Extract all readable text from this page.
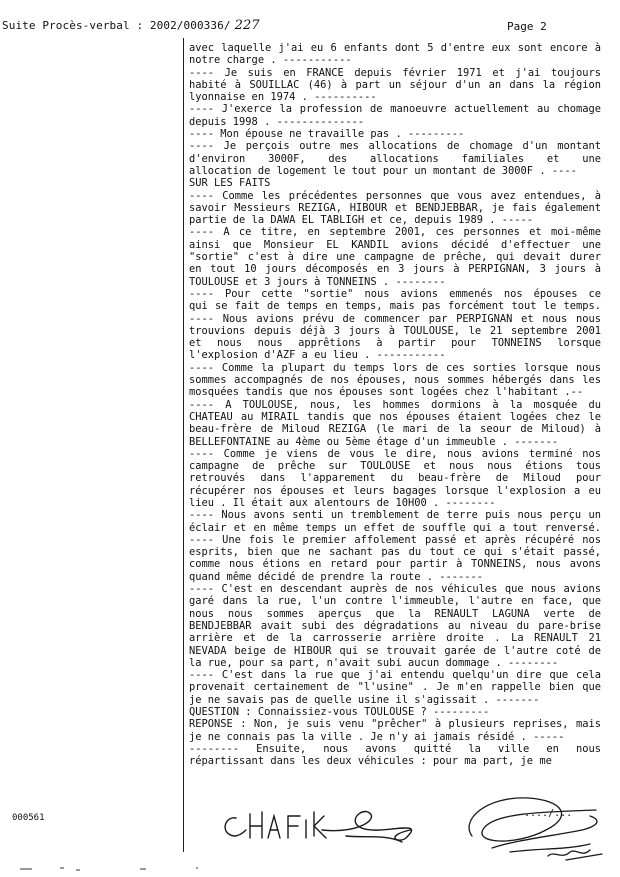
Suite Procès-verbal : 2002/000336/ 227	Page 2
avec laquelle j'ai eu 6 enfants dont 5 d'entre eux sont encore à
notre charge . -----------
---- Je suis en FRANCE depuis février 1971 et j'ai toujours
habité à SOUILLAC (46) à part un séjour d'un an dans la région
lyonnaise en 1974 . ----------
---- J'exerce la profession de manoeuvre actuellement au chomage
depuis 1998 . --------------
---- Mon épouse ne travaille pas . ---------
---- Je perçois outre mes allocations de chomage d'un montant
d'environ 3000F, des allocations familiales et une
allocation de logement le tout pour un montant de 3000F . ----
SUR LES FAITS
---- Comme les précédentes personnes que vous avez entendues, à
savoir Messieurs REZIGA, HIBOUR et BENDJEBBAR, je fais également
partie de la DAWA EL TABLIGH et ce, depuis 1989 . -----
---- A ce titre, en septembre 2001, ces personnes et moi-même
ainsi que Monsieur EL KANDIL avions décidé d'effectuer une
"sortie" c'est à dire une campagne de prêche, qui devait durer
en tout 10 jours décomposés en 3 jours à PERPIGNAN, 3 jours à
TOULOUSE et 3 jours à TONNEINS . --------
---- Pour cette "sortie" nous avions emmenés nos épouses ce
qui se fait de temps en temps, mais pas forcément tout le temps.
---- Nous avions prévu de commencer par PERPIGNAN et nous nous
trouvions depuis déjà 3 jours à TOULOUSE, le 21 septembre 2001
et nous nous apprêtions à partir pour TONNEINS lorsque
l'explosion d'AZF a eu lieu . -----------
---- Comme la plupart du temps lors de ces sorties lorsque nous
sommes accompagnés de nos épouses, nous sommes hébergés dans les
mosquées tandis que nos épouses sont logées chez l'habitant .--
---- A TOULOUSE, nous, les hommes dormions à la mosquée du
CHATEAU au MIRAIL tandis que nos épouses étaient logées chez le
beau-frère de Miloud REZIGA (le mari de la seour de Miloud) à
BELLEFONTAINE au 4ème ou 5ème étage d'un immeuble . -------
---- Comme je viens de vous le dire, nous avions terminé nos
campagne de prêche sur TOULOUSE et nous nous étions tous
retrouvés dans l'apparement du beau-frère de Miloud pour
récupérer nos épouses et leurs bagages lorsque l'explosion a eu
lieu . Il était aux alentours de 10H00 . --------
---- Nous avons senti un tremblement de terre puis nous perçu un
éclair et en même temps un effet de souffle qui a tout renversé.
---- Une fois le premier affolement passé et après récupéré nos
esprits, bien que ne sachant pas du tout ce qui s'était passé,
comme nous étions en retard pour partir à TONNEINS, nous avons
quand même décidé de prendre la route . -------
---- C'est en descendant auprès de nos véhicules que nous avions
garé dans la rue, l'un contre l'immeuble, l'autre en face, que
nous nous sommes aperçus que la RENAULT LAGUNA verte de
BENDJEBBAR avait subi des dégradations au niveau du pare-brise
arrière et de la carrosserie arrière droite . La RENAULT 21
NEVADA beige de HIBOUR qui se trouvait garée de l'autre coté de
la rue, pour sa part, n'avait subi aucun dommage . --------
---- C'est dans la rue que j'ai entendu quelqu'un dire que cela
provenait certainement de "l'usine" . Je m'en rappelle bien que
je ne savais pas de quelle usine il s'agissait . -------
QUESTION : Connaissiez-vous TOULOUSE ? ---------
REPONSE : Non, je suis venu "prêcher" à plusieurs reprises, mais
je ne connais pas la ville . Je n'y ai jamais résidé . -----
-------- Ensuite, nous avons quitté la ville en nous
répartissant dans les deux véhicules : pour ma part, je me
000561	..../...
